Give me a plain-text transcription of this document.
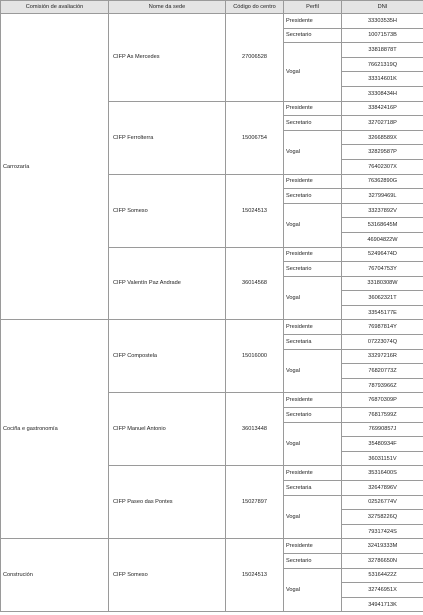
Comisión de avaliación	Nome da sede	Código do centro	Perfil	DNI
Carrozaría	CIFP As Mercedes	27006528	Presidente	33303535H
			Secretario	10071573B
			Vogal	33818878T
				76621319Q
				33314601K
				33308434H
	CIFP Ferrolterra	15006754	Presidente	33842416P
			Secretario	32702718P
			Vogal	32668589X
				32829587P
				76402307X
	CIFP Someso	15024513	Presidente	76362890G
			Secretario	32799469L
			Vogal	33237892V
				53168645M
				46904822W
	CIFP Valentín Paz Andrade	36014568	Presidente	52496474D
			Secretario	76704753Y
			Vogal	33180308W
				36062321T
				33545177E
Cociña e gastronomía	CIFP Compostela	15016000	Presidente	76987814Y
			Secretaria	07223074Q
			Vogal	33297216R
				76820773Z
				78793966Z
	CIFP Manuel Antonio	36013448	Presidente	76870309P
			Secretario	76817599Z
			Vogal	76990857J
				35480934F
				36031151V
	CIFP Paseo das Pontes	15027897	Presidente	35316400S
			Secretaria	32647896V
			Vogal	02526774V
				32758226Q
				79317424S
Construción	CIFP Someso	15024513	Presidente	32419333M
			Secretario	32786650N
			Vogal	53164422Z
				32746951X
				34941713K
